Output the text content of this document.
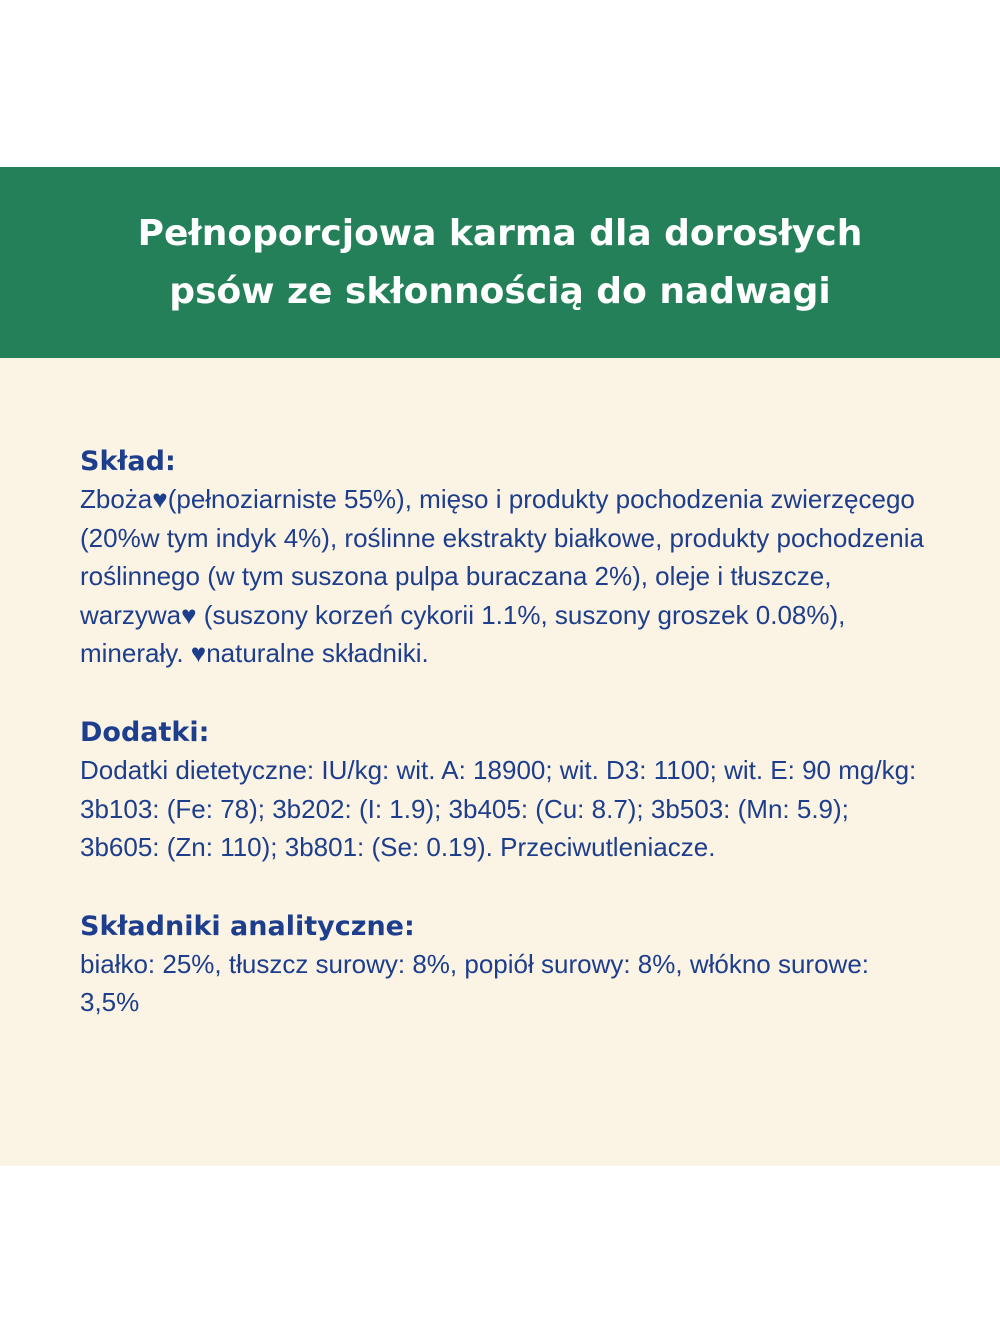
Pełnoporcjowa karma dla dorosłych psów ze skłonnością do nadwagi
Skład:

Zboża♥(pełnoziarniste 55%), mięso i produkty pochodzenia zwierzęcego (20%w tym indyk 4%), roślinne ekstrakty białkowe, produkty pochodzenia roślinnego (w tym suszona pulpa buraczana 2%), oleje i tłuszcze, warzywa♥ (suszony korzeń cykorii 1.1%, suszony groszek 0.08%), minerały. ♥naturalne składniki.

Dodatki:

Dodatki dietetyczne: IU/kg: wit. A: 18900; wit. D3: 1100; wit. E: 90 mg/kg: 3b103: (Fe: 78); 3b202: (I: 1.9); 3b405: (Cu: 8.7); 3b503: (Mn: 5.9); 3b605: (Zn: 110); 3b801: (Se: 0.19). Przeciwutleniacze.

Składniki analityczne:

białko: 25%, tłuszcz surowy: 8%, popiół surowy: 8%, włókno surowe: 3,5%
